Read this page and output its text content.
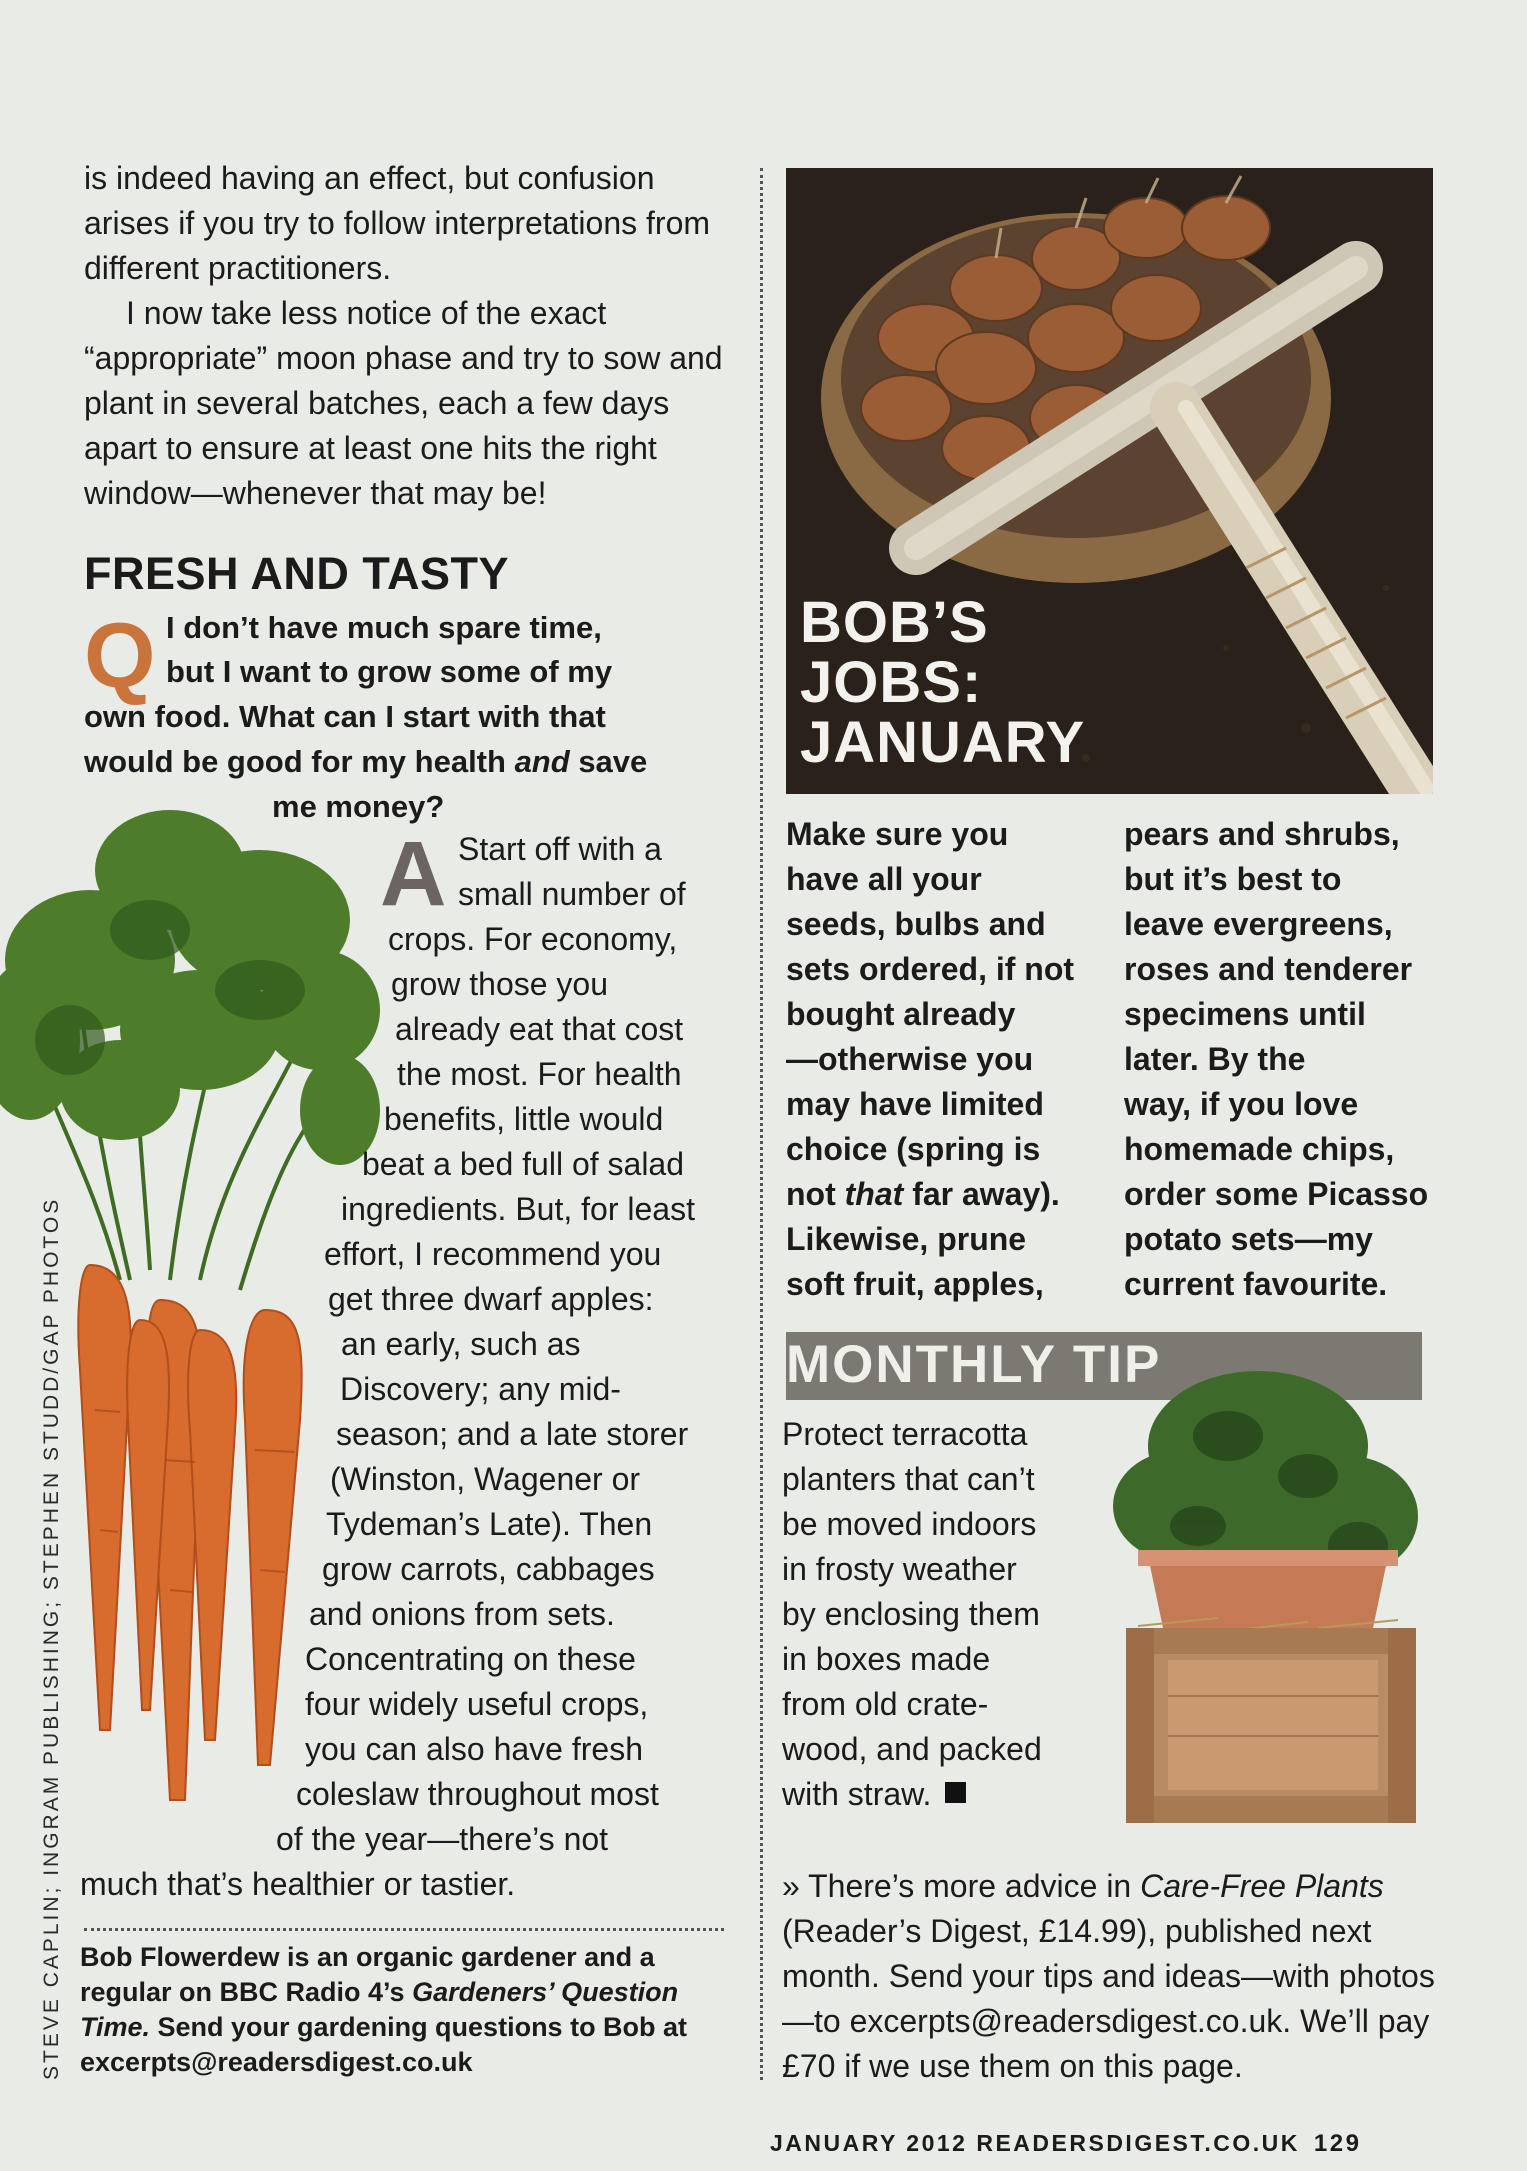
is indeed having an effect, but confusion arises if you try to follow interpretations from different practitioners.

I now take less notice of the exact “appropriate” moon phase and try to sow and plant in several batches, each a few days apart to ensure at least one hits the right window—whenever that may be!

FRESH AND TASTY
Q I don’t have much spare time,
but I want to grow some of my
own food. What can I start with that
would be good for my health and save
me money?
A Start off with a
small number of
crops. For economy,
grow those you
already eat that cost
the most. For health
benefits, little would
beat a bed full of salad
ingredients. But, for least
effort, I recommend you
get three dwarf apples:
an early, such as
Discovery; any mid-
season; and a late storer
(Winston, Wagener or
Tydeman’s Late). Then
grow carrots, cabbages
and onions from sets.
Concentrating on these
four widely useful crops,
you can also have fresh
coleslaw throughout most
of the year—there’s not
much that’s healthier or tastier.
Bob Flowerdew is an organic gardener and a regular on BBC Radio 4’s Gardeners’ Question Time. Send your gardening questions to Bob at excerpts@readersdigest.co.uk
STEVE CAPLIN; INGRAM PUBLISHING; STEPHEN STUDD/GAP PHOTOS
BOB’S
JOBS:
JANUARY
Make sure you
have all your
seeds, bulbs and
sets ordered, if not
bought already
—otherwise you
may have limited
choice (spring is
not that far away).
Likewise, prune
soft fruit, apples,
pears and shrubs,
but it’s best to
leave evergreens,
roses and tenderer
specimens until
later. By the
way, if you love
homemade chips,
order some Picasso
potato sets—my
current favourite.
MONTHLY TIP
Protect terracotta
planters that can’t
be moved indoors
in frosty weather
by enclosing them
in boxes made
from old crate-
wood, and packed
with straw.

» There’s more advice in Care-Free Plants (Reader’s Digest, £14.99), published next month. Send your tips and ideas—with photos—to excerpts@readersdigest.co.uk. We’ll pay £70 if we use them on this page.

JANUARY 2012 READERSDIGEST.CO.UK 129
